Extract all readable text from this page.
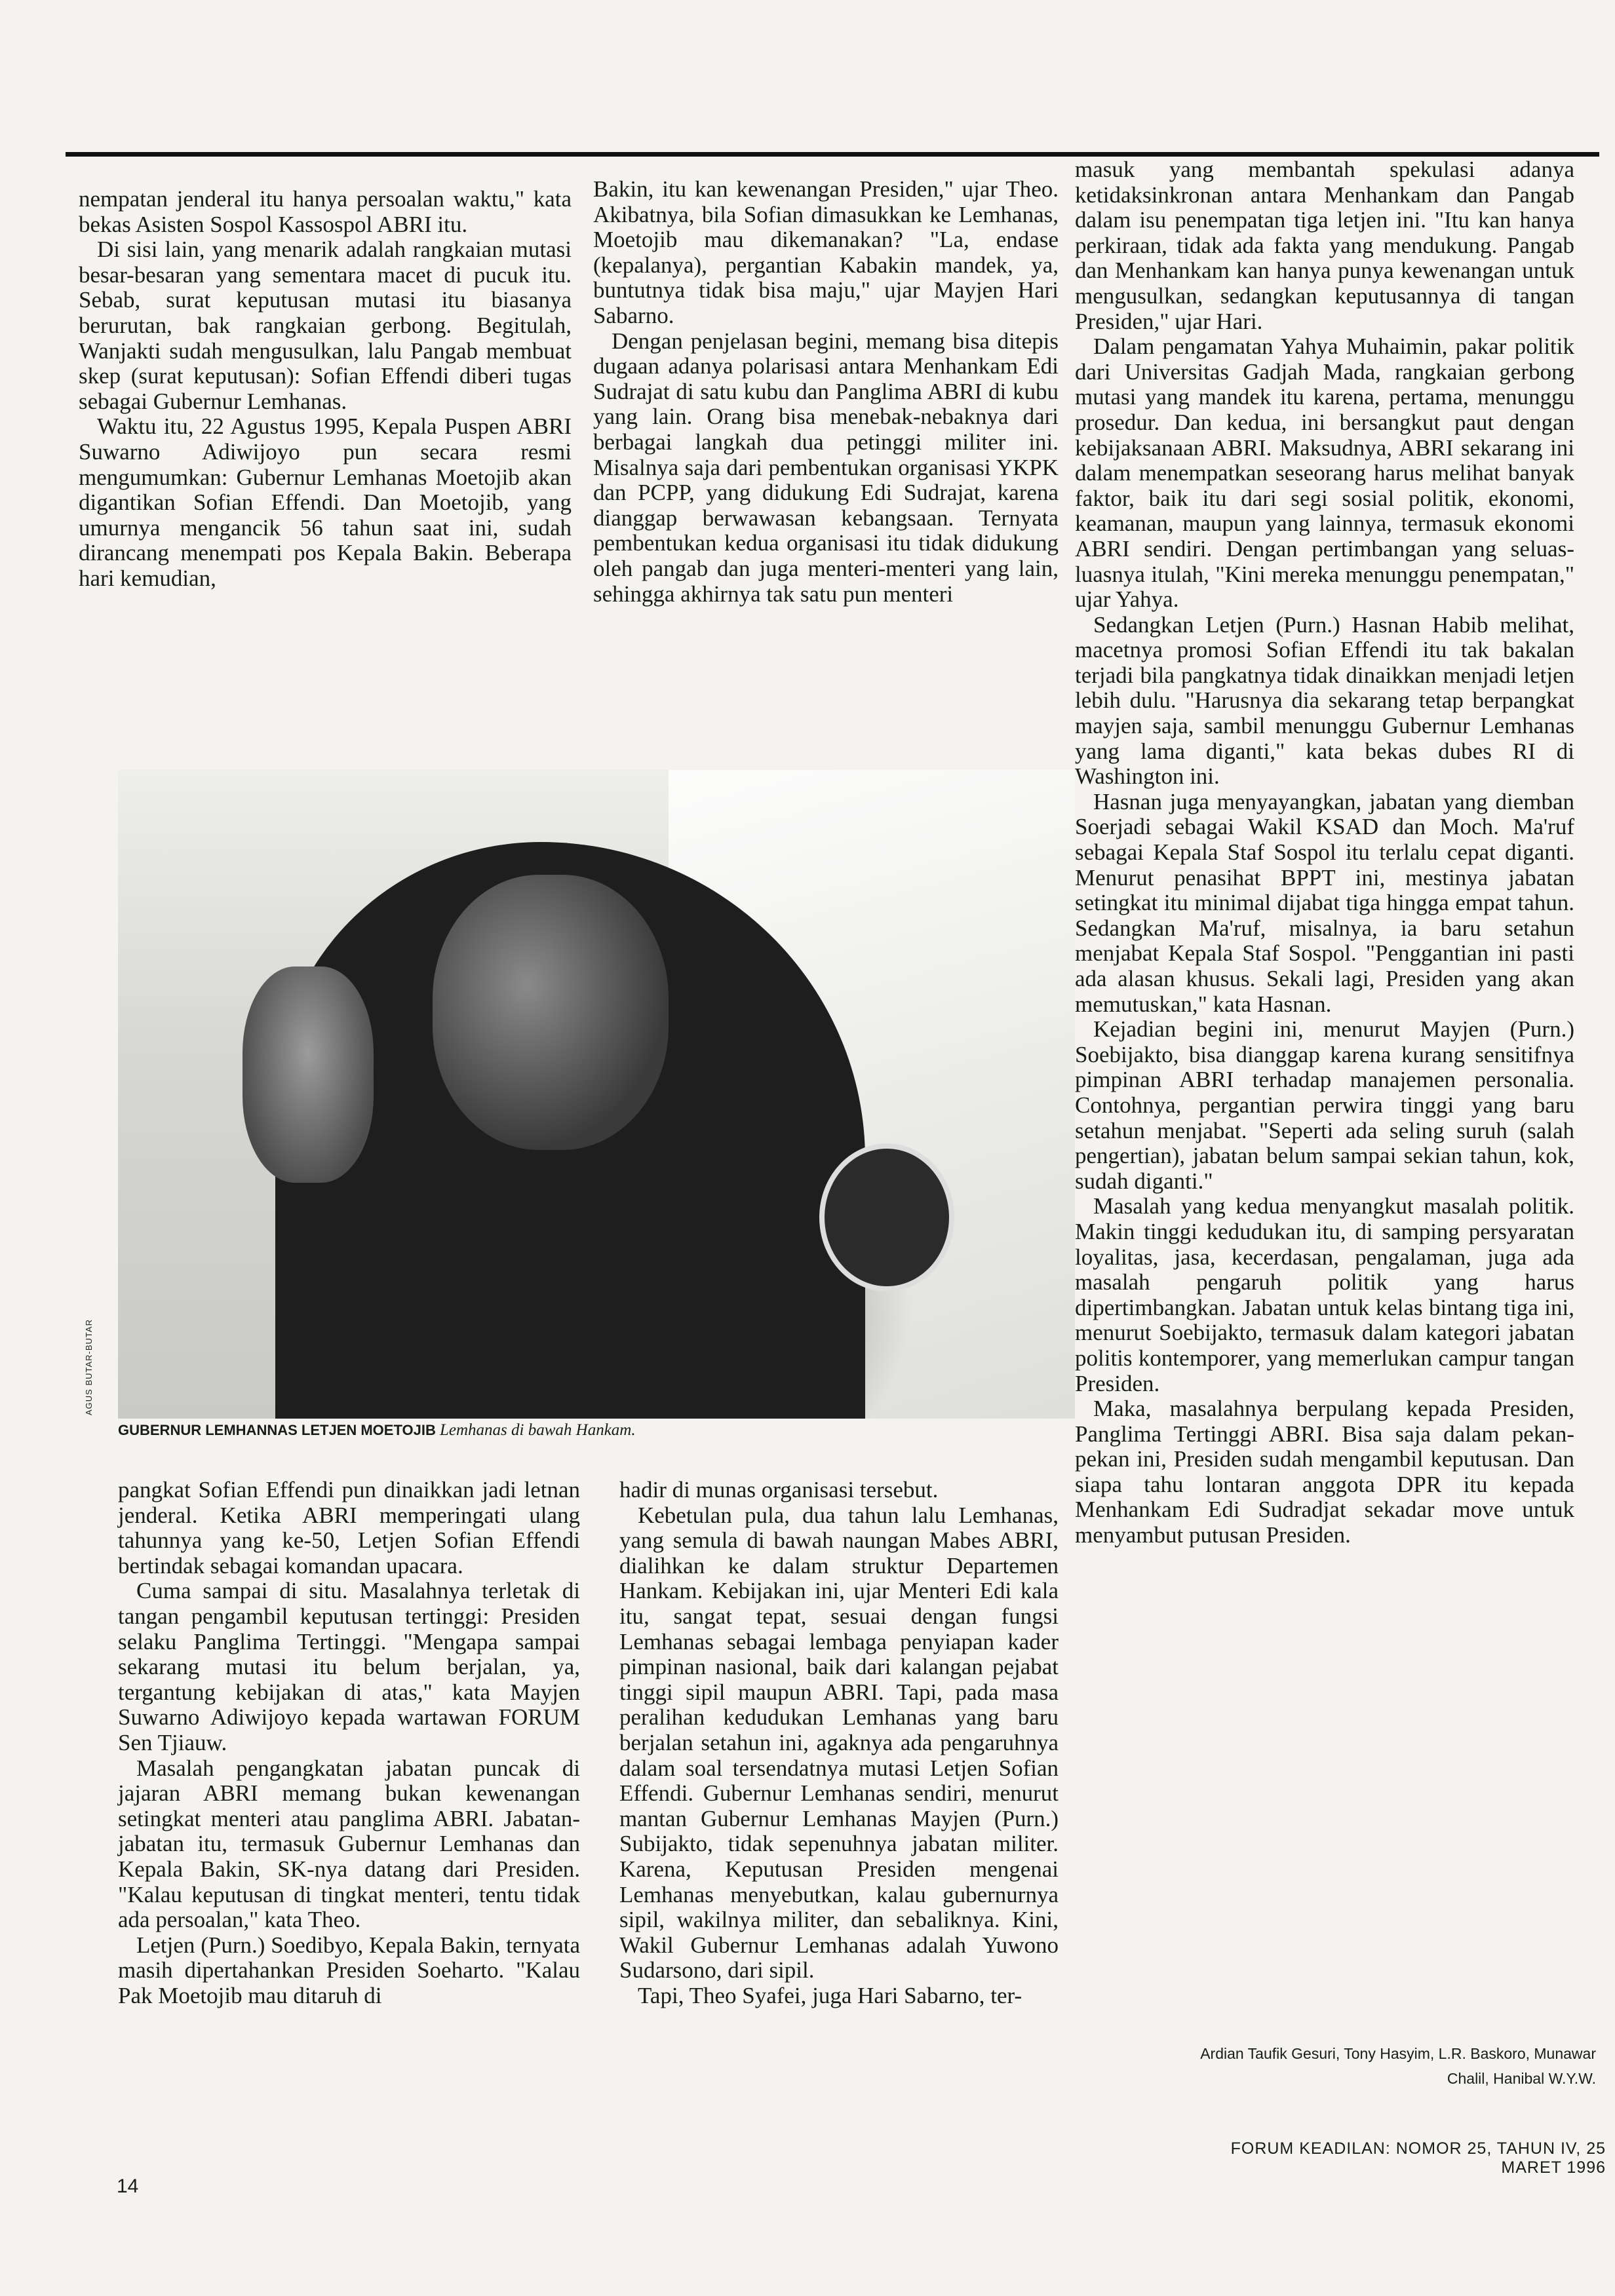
nempatan jenderal itu hanya persoalan waktu," kata bekas Asisten Sospol Kassospol ABRI itu.

Di sisi lain, yang menarik adalah rangkaian mutasi besar-besaran yang sementara macet di pucuk itu. Sebab, surat keputusan mutasi itu biasanya berurutan, bak rangkaian gerbong. Begitulah, Wanjakti sudah mengusulkan, lalu Pangab membuat skep (surat keputusan): Sofian Effendi diberi tugas sebagai Gubernur Lemhanas.

Waktu itu, 22 Agustus 1995, Kepala Puspen ABRI Suwarno Adiwijoyo pun secara resmi mengumumkan: Gubernur Lemhanas Moetojib akan digantikan Sofian Effendi. Dan Moetojib, yang umurnya mengancik 56 tahun saat ini, sudah dirancang menempati pos Kepala Bakin. Beberapa hari kemudian,

Bakin, itu kan kewenangan Presiden," ujar Theo. Akibatnya, bila Sofian dimasukkan ke Lemhanas, Moetojib mau dikemanakan? "La, endase (kepalanya), pergantian Kabakin mandek, ya, buntutnya tidak bisa maju," ujar Mayjen Hari Sabarno.

Dengan penjelasan begini, memang bisa ditepis dugaan adanya polarisasi antara Menhankam Edi Sudrajat di satu kubu dan Panglima ABRI di kubu yang lain. Orang bisa menebak-nebaknya dari berbagai langkah dua petinggi militer ini. Misalnya saja dari pembentukan organisasi YKPK dan PCPP, yang didukung Edi Sudrajat, karena dianggap berwawasan kebangsaan. Ternyata pembentukan kedua organisasi itu tidak didukung oleh pangab dan juga menteri-menteri yang lain, sehingga akhirnya tak satu pun menteri

masuk yang membantah spekulasi adanya ketidaksinkronan antara Menhankam dan Pangab dalam isu penempatan tiga letjen ini. "Itu kan hanya perkiraan, tidak ada fakta yang mendukung. Pangab dan Menhankam kan hanya punya kewenangan untuk mengusulkan, sedangkan keputusannya di tangan Presiden," ujar Hari.

Dalam pengamatan Yahya Muhaimin, pakar politik dari Universitas Gadjah Mada, rangkaian gerbong mutasi yang mandek itu karena, pertama, menunggu prosedur. Dan kedua, ini bersangkut paut dengan kebijaksanaan ABRI. Maksudnya, ABRI sekarang ini dalam menempatkan seseorang harus melihat banyak faktor, baik itu dari segi sosial politik, ekonomi, keamanan, maupun yang lainnya, termasuk ekonomi ABRI sendiri. Dengan pertimbangan yang seluas-luasnya itulah, "Kini mereka menunggu penempatan," ujar Yahya.

Sedangkan Letjen (Purn.) Hasnan Habib melihat, macetnya promosi Sofian Effendi itu tak bakalan terjadi bila pangkatnya tidak dinaikkan menjadi letjen lebih dulu. "Harusnya dia sekarang tetap berpangkat mayjen saja, sambil menunggu Gubernur Lemhanas yang lama diganti," kata bekas dubes RI di Washington ini.

Hasnan juga menyayangkan, jabatan yang diemban Soerjadi sebagai Wakil KSAD dan Moch. Ma'ruf sebagai Kepala Staf Sospol itu terlalu cepat diganti. Menurut penasihat BPPT ini, mestinya jabatan setingkat itu minimal dijabat tiga hingga empat tahun. Sedangkan Ma'ruf, misalnya, ia baru setahun menjabat Kepala Staf Sospol. "Penggantian ini pasti ada alasan khusus. Sekali lagi, Presiden yang akan memutuskan," kata Hasnan.

Kejadian begini ini, menurut Mayjen (Purn.) Soebijakto, bisa dianggap karena kurang sensitifnya pimpinan ABRI terhadap manajemen personalia. Contohnya, pergantian perwira tinggi yang baru setahun menjabat. "Seperti ada seling suruh (salah pengertian), jabatan belum sampai sekian tahun, kok, sudah diganti."

Masalah yang kedua menyangkut masalah politik. Makin tinggi kedudukan itu, di samping persyaratan loyalitas, jasa, kecerdasan, pengalaman, juga ada masalah pengaruh politik yang harus dipertimbangkan. Jabatan untuk kelas bintang tiga ini, menurut Soebijakto, termasuk dalam kategori jabatan politis kontemporer, yang memerlukan campur tangan Presiden.

Maka, masalahnya berpulang kepada Presiden, Panglima Tertinggi ABRI. Bisa saja dalam pekan-pekan ini, Presiden sudah mengambil keputusan. Dan siapa tahu lontaran anggota DPR itu kepada Menhankam Edi Sudradjat sekadar move untuk menyambut putusan Presiden.

AGUS BUTAR-BUTAR
GUBERNUR LEMHANNAS LETJEN MOETOJIB Lemhanas di bawah Hankam.

pangkat Sofian Effendi pun dinaikkan jadi letnan jenderal. Ketika ABRI memperingati ulang tahunnya yang ke-50, Letjen Sofian Effendi bertindak sebagai komandan upacara.

Cuma sampai di situ. Masalahnya terletak di tangan pengambil keputusan tertinggi: Presiden selaku Panglima Tertinggi. "Mengapa sampai sekarang mutasi itu belum berjalan, ya, tergantung kebijakan di atas," kata Mayjen Suwarno Adiwijoyo kepada wartawan FORUM Sen Tjiauw.

Masalah pengangkatan jabatan puncak di jajaran ABRI memang bukan kewenangan setingkat menteri atau panglima ABRI. Jabatan-jabatan itu, termasuk Gubernur Lemhanas dan Kepala Bakin, SK-nya datang dari Presiden. "Kalau keputusan di tingkat menteri, tentu tidak ada persoalan," kata Theo.

Letjen (Purn.) Soedibyo, Kepala Bakin, ternyata masih dipertahankan Presiden Soeharto. "Kalau Pak Moetojib mau ditaruh di

hadir di munas organisasi tersebut.

Kebetulan pula, dua tahun lalu Lemhanas, yang semula di bawah naungan Mabes ABRI, dialihkan ke dalam struktur Departemen Hankam. Kebijakan ini, ujar Menteri Edi kala itu, sangat tepat, sesuai dengan fungsi Lemhanas sebagai lembaga penyiapan kader pimpinan nasional, baik dari kalangan pejabat tinggi sipil maupun ABRI. Tapi, pada masa peralihan kedudukan Lemhanas yang baru berjalan setahun ini, agaknya ada pengaruhnya dalam soal tersendatnya mutasi Letjen Sofian Effendi. Gubernur Lemhanas sendiri, menurut mantan Gubernur Lemhanas Mayjen (Purn.) Subijakto, tidak sepenuhnya jabatan militer. Karena, Keputusan Presiden mengenai Lemhanas menyebutkan, kalau gubernurnya sipil, wakilnya militer, dan sebaliknya. Kini, Wakil Gubernur Lemhanas adalah Yuwono Sudarsono, dari sipil.

Tapi, Theo Syafei, juga Hari Sabarno, ter-

Ardian Taufik Gesuri, Tony Hasyim, L.R. Baskoro, Munawar
Chalil, Hanibal W.Y.W.
FORUM KEADILAN: NOMOR 25, TAHUN IV, 25 MARET 1996
14
